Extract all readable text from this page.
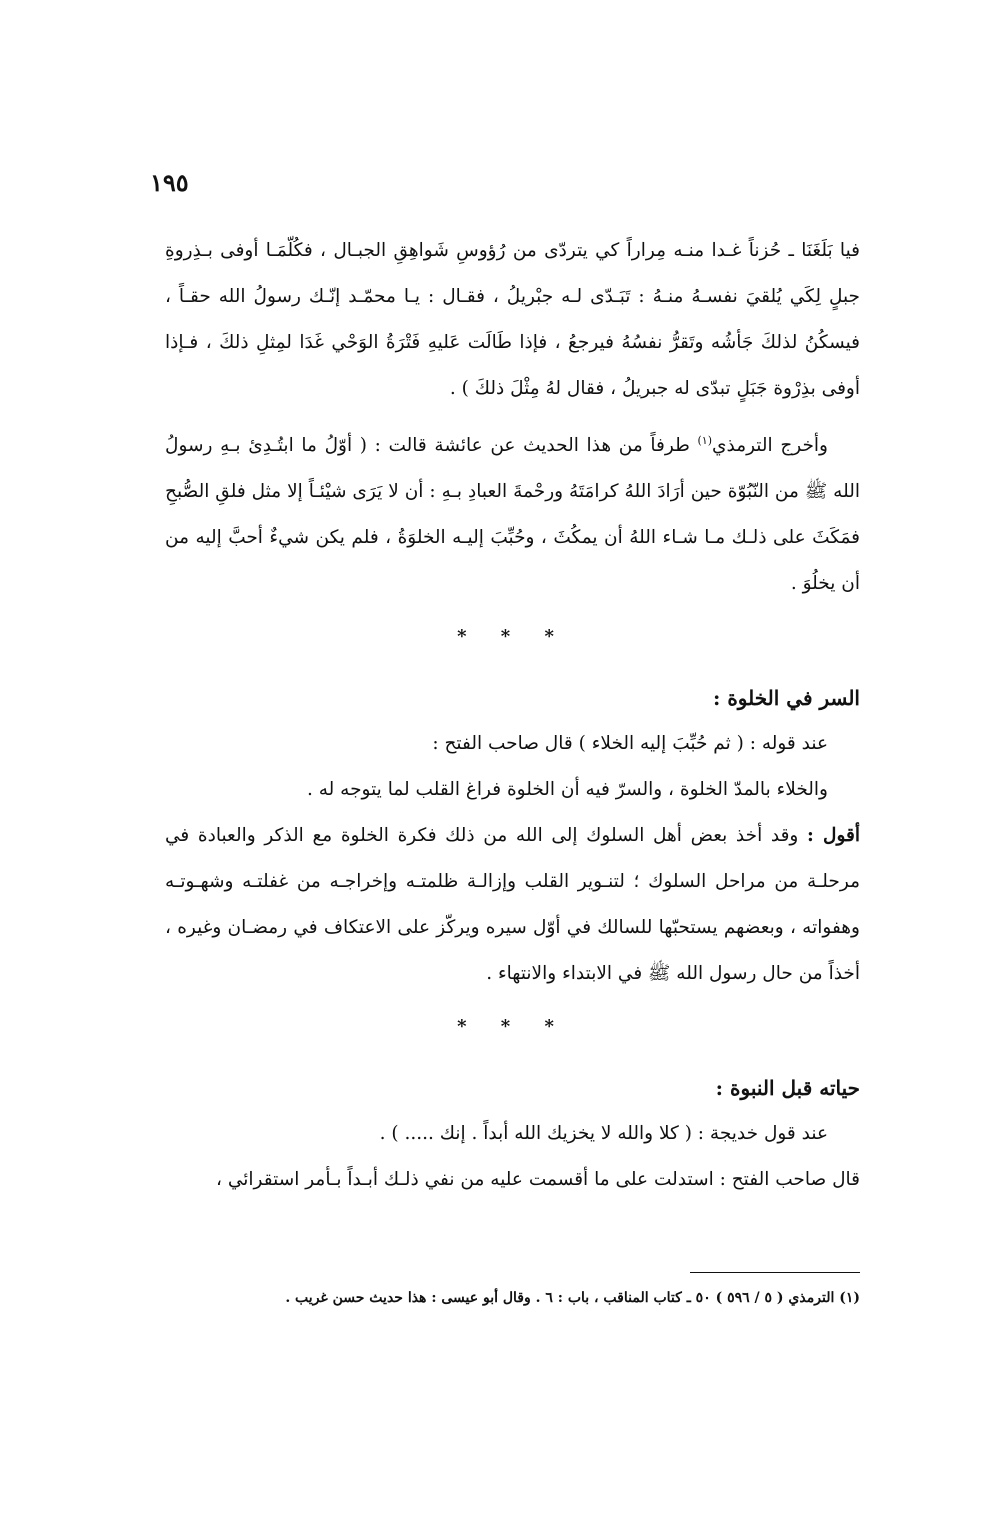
١٩٥

فيا بَلَغَنَا ـ حُزناً غـدا منـه مِراراً كي يتردّى من رُؤوسِ شَواهِقِ الجبـال ، فكُلّمَـا أوفى بـذِروةِ جبلٍ لِكَي يُلقيَ نفسـهُ منـهُ : تَبَـدّى لـه جبْريلُ ، فقـال : يـا محمّـد إنّـك رسولُ الله حقـاً ، فيسكُنُ لذلكَ جَأشُه وتَقرُّ نفسُهُ فيرجعُ ، فإذا طَالَت عَليهِ فَتْرَةُ الوَحْي غَدَا لمِثلِ ذلكَ ، فـإذا أوفى بذِرْوة جَبَلٍ تبدّى له جبريلُ ، فقال لهُ مِثْلَ ذلكَ ) .

وأخرج الترمذي$^{(١)}$ طرفاً من هذا الحديث عن عائشة قالت : ( أوّلُ ما ابتُـدِئ بـهِ رسولُ الله ﷺ من النّبُوّة حين أرَادَ اللهُ كرامَتَهُ ورحْمةَ العبادِ بـهِ : أن لا يَرَى شيْئـاً إلا مثل فلقِ الصُّبحِ فمَكَثَ على ذلـك مـا شـاء اللهُ أن يمكُثَ ، وحُبِّبَ إليـه الخلوَةُ ، فلم يكن شيءٌ أحبَّ إليه من أن يخلُوَ .

* * *

السر في الخلوة :

عند قوله : ( ثم حُبِّبَ إليه الخلاء ) قال صاحب الفتح :

والخلاء بالمدّ الخلوة ، والسرّ فيه أن الخلوة فراغ القلب لما يتوجه له .

أقول : وقد أخذ بعض أهل السلوك إلى الله من ذلك فكرة الخلوة مع الذكر والعبادة في مرحلـة من مراحل السلوك ؛ لتنـوير القلب وإزالـة ظلمتـه وإخراجـه من غفلتـه وشهـوتـه وهفواته ، وبعضهم يستحبّها للسالك في أوّل سيره ويركّز على الاعتكاف في رمضـان وغيره ، أخذاً من حال رسول الله ﷺ في الابتداء والانتهاء .

* * *

حياته قبل النبوة :

عند قول خديجة : ( كلا والله لا يخزيك الله أبداً . إنك ..... ) .

قال صاحب الفتح : استدلت على ما أقسمت عليه من نفي ذلـك أبـداً بـأمر استقرائي ،

(١) الترمذي ( ٥ / ٥٩٦ ) ٥٠ ـ كتاب المناقب ، باب : ٦ . وقال أبو عيسى : هذا حديث حسن غريب .
